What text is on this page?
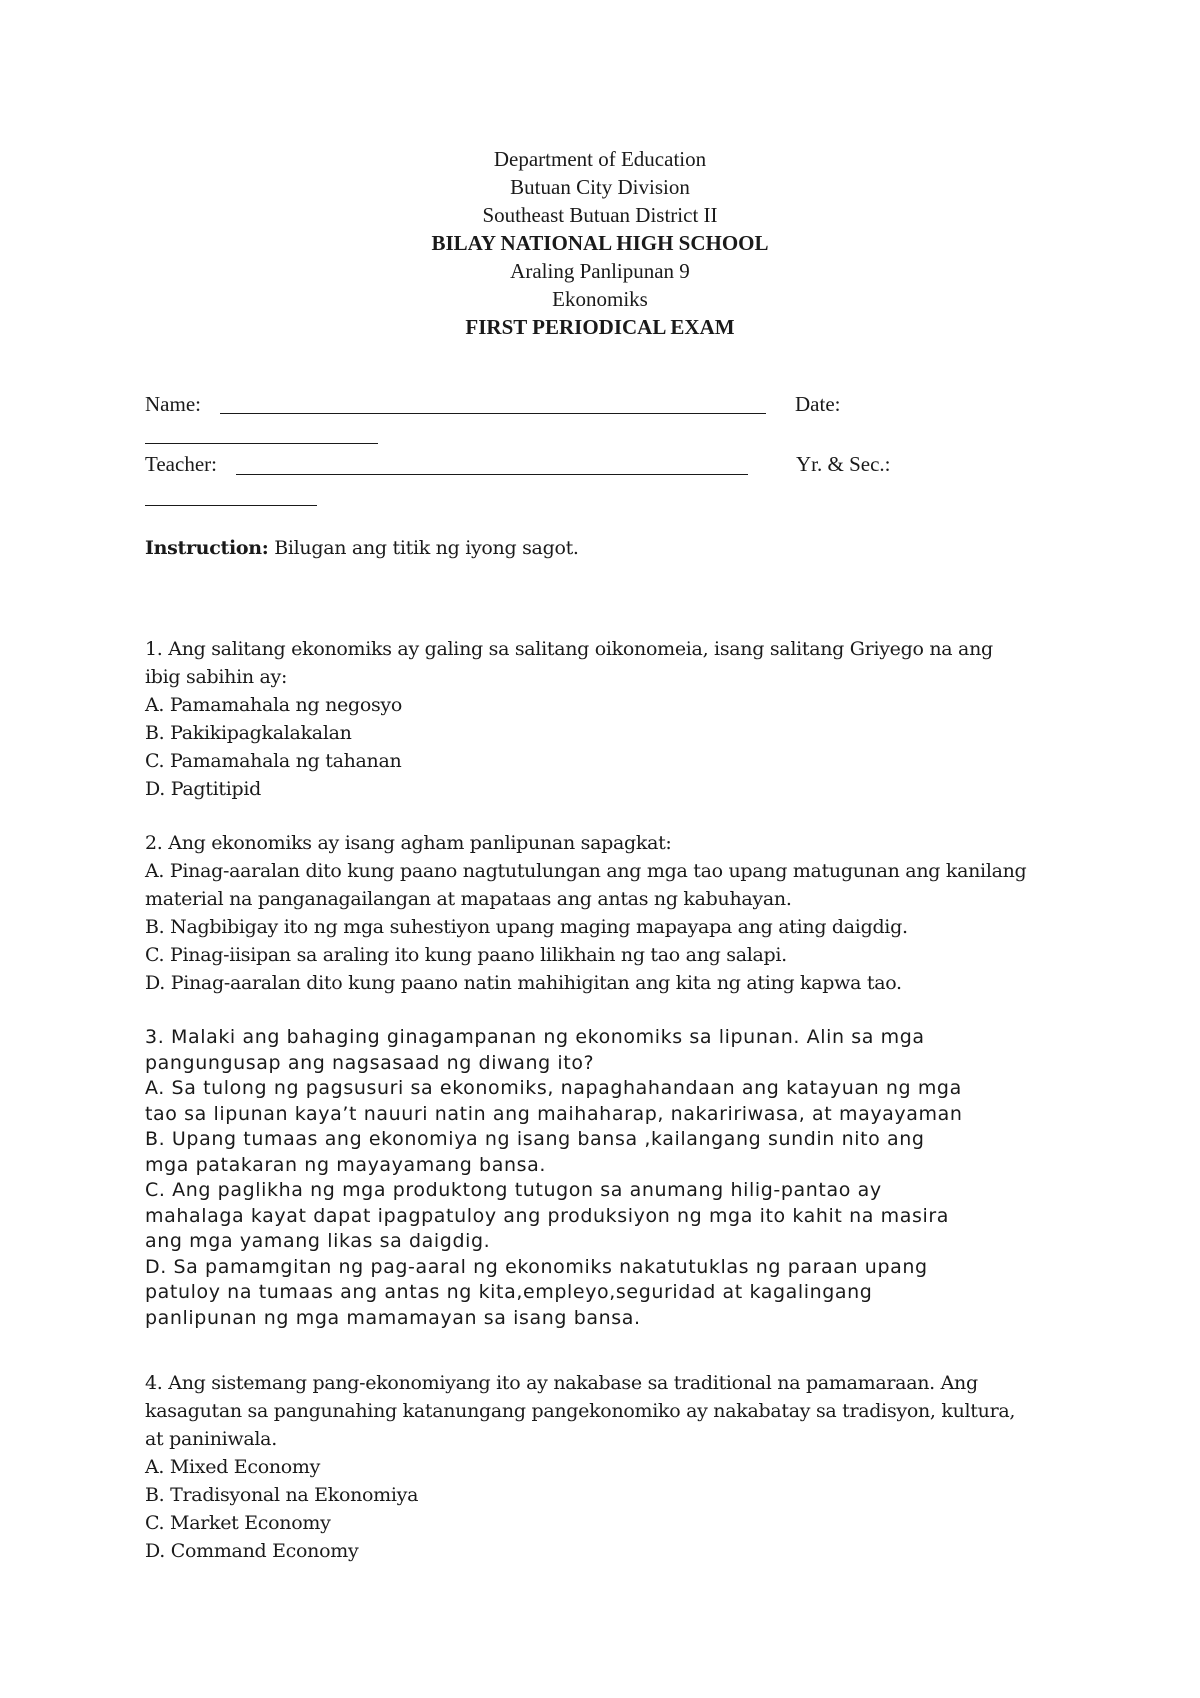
Department of Education
Butuan City Division
Southeast Butuan District II
BILAY NATIONAL HIGH SCHOOL
Araling Panlipunan 9
Ekonomiks
FIRST PERIODICAL EXAM
Name:	Date:
Teacher:	Yr. & Sec.:
Instruction: Bilugan ang titik ng iyong sagot.
1. Ang salitang ekonomiks ay galing sa salitang oikonomeia, isang salitang Griyego na ang
ibig sabihin ay:
A. Pamamahala ng negosyo
B. Pakikipagkalakalan
C. Pamamahala ng tahanan
D. Pagtitipid
2. Ang ekonomiks ay isang agham panlipunan sapagkat:
A. Pinag-aaralan dito kung paano nagtutulungan ang mga tao upang matugunan ang kanilang
material na panganagailangan at mapataas ang antas ng kabuhayan.
B. Nagbibigay ito ng mga suhestiyon upang maging mapayapa ang ating daigdig.
C. Pinag-iisipan sa araling ito kung paano lilikhain ng tao ang salapi.
D. Pinag-aaralan dito kung paano natin mahihigitan ang kita ng ating kapwa tao.
3. Malaki ang bahaging ginagampanan ng ekonomiks sa lipunan. Alin sa mga
pangungusap ang nagsasaad ng diwang ito?
A. Sa tulong ng pagsusuri sa ekonomiks, napaghahandaan ang katayuan ng mga
tao sa lipunan kaya’t nauuri natin ang maihaharap, nakaririwasa, at mayayaman
B. Upang tumaas ang ekonomiya ng isang bansa ,kailangang sundin nito ang
mga patakaran ng mayayamang bansa.
C. Ang paglikha ng mga produktong tutugon sa anumang hilig-pantao ay
mahalaga kayat dapat ipagpatuloy ang produksiyon ng mga ito kahit na masira
ang mga yamang likas sa daigdig.
D. Sa pamamgitan ng pag-aaral ng ekonomiks nakatutuklas ng paraan upang
patuloy na tumaas ang antas ng kita,empleyo,seguridad at kagalingang
panlipunan ng mga mamamayan sa isang bansa.
4. Ang sistemang pang-ekonomiyang ito ay nakabase sa traditional na pamamaraan. Ang
kasagutan sa pangunahing katanungang pangekonomiko ay nakabatay sa tradisyon, kultura,
at paniniwala.
A. Mixed Economy
B. Tradisyonal na Ekonomiya
C. Market Economy
D. Command Economy
